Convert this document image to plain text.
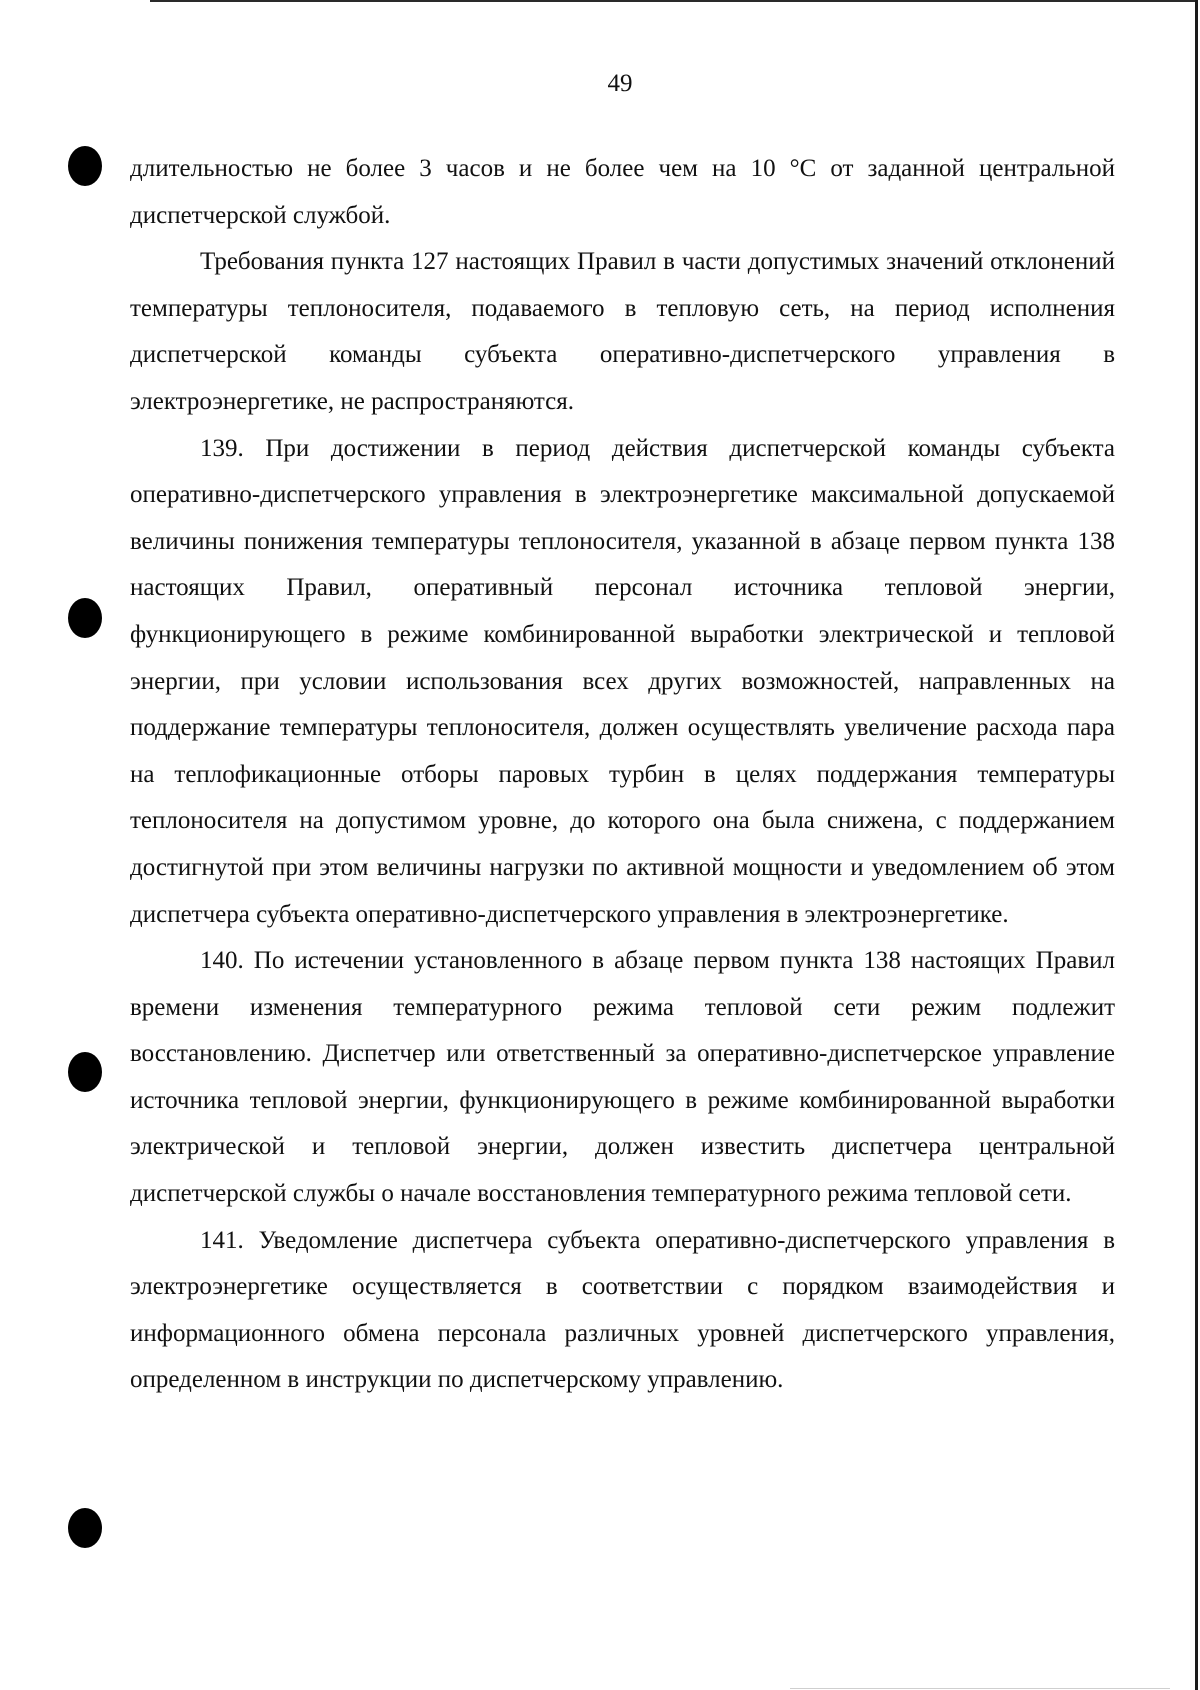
49

длительностью не более 3 часов и не более чем на 10 °С от заданной центральной диспетчерской службой.

Требования пункта 127 настоящих Правил в части допустимых значений отклонений температуры теплоносителя, подаваемого в тепловую сеть, на период исполнения диспетчерской команды субъекта оперативно-диспетчерского управления в электроэнергетике, не распространяются.

139. При достижении в период действия диспетчерской команды субъекта оперативно-диспетчерского управления в электроэнергетике максимальной допускаемой величины понижения температуры теплоносителя, указанной в абзаце первом пункта 138 настоящих Правил, оперативный персонал источника тепловой энергии, функционирующего в режиме комбинированной выработки электрической и тепловой энергии, при условии использования всех других возможностей, направленных на поддержание температуры теплоносителя, должен осуществлять увеличение расхода пара на теплофикационные отборы паровых турбин в целях поддержания температуры теплоносителя на допустимом уровне, до которого она была снижена, с поддержанием достигнутой при этом величины нагрузки по активной мощности и уведомлением об этом диспетчера субъекта оперативно-диспетчерского управления в электроэнергетике.

140. По истечении установленного в абзаце первом пункта 138 настоящих Правил времени изменения температурного режима тепловой сети режим подлежит восстановлению. Диспетчер или ответственный за оперативно-диспетчерское управление источника тепловой энергии, функционирующего в режиме комбинированной выработки электрической и тепловой энергии, должен известить диспетчера центральной диспетчерской службы о начале восстановления температурного режима тепловой сети.

141. Уведомление диспетчера субъекта оперативно-диспетчерского управления в электроэнергетике осуществляется в соответствии с порядком взаимодействия и информационного обмена персонала различных уровней диспетчерского управления, определенном в инструкции по диспетчерскому управлению.
